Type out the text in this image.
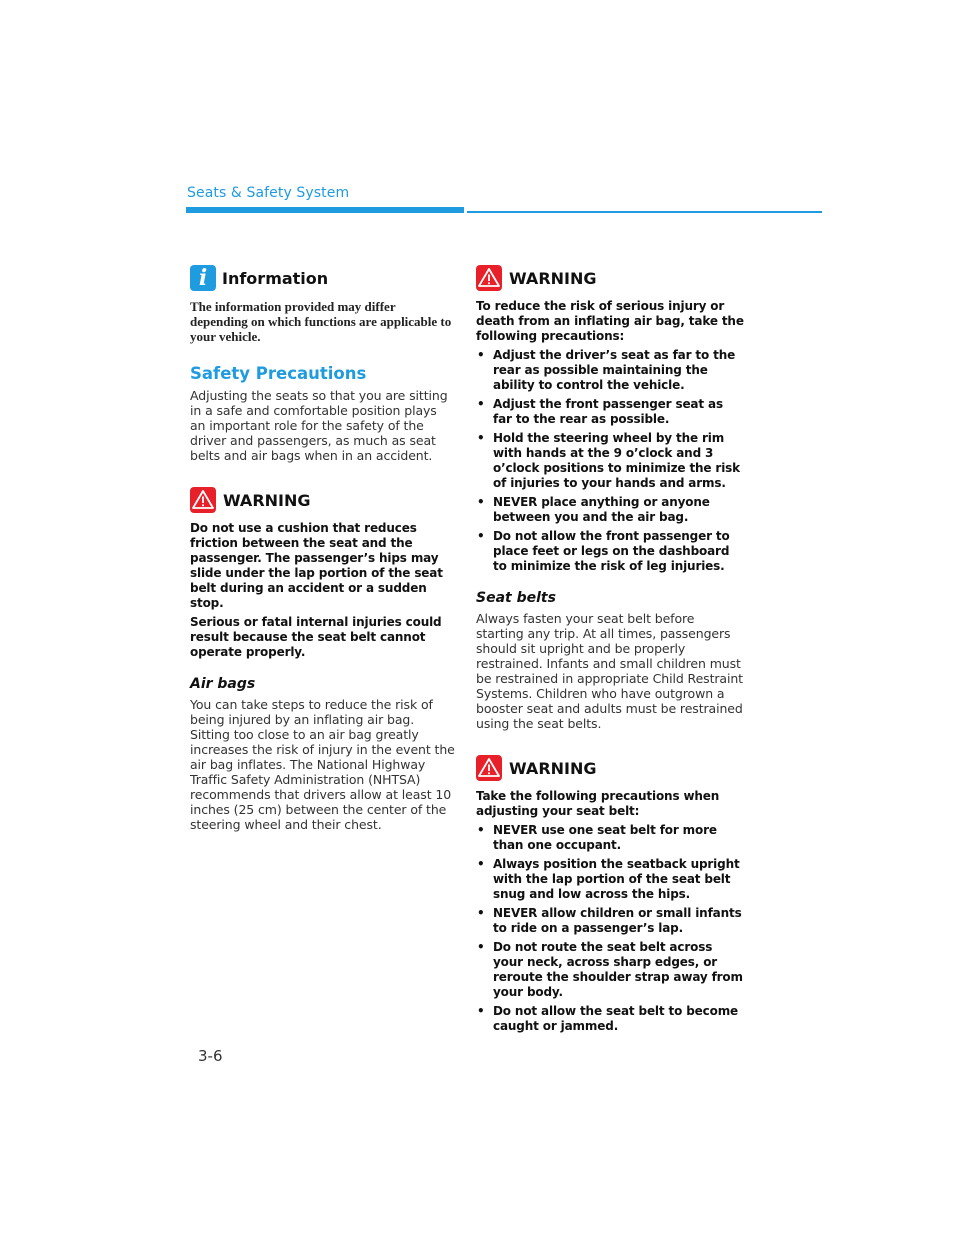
Seats & Safety System
i Information
The information provided may differ depending on which functions are applicable to your vehicle.
Safety Precautions
Adjusting the seats so that you are sitting in a safe and comfortable position plays an important role for the safety of the driver and passengers, as much as seat belts and air bags when in an accident.
WARNING
Do not use a cushion that reduces friction between the seat and the passenger. The passenger’s hips may slide under the lap portion of the seat belt during an accident or a sudden stop.
Serious or fatal internal injuries could result because the seat belt cannot operate properly.
Air bags
You can take steps to reduce the risk of being injured by an inflating air bag. Sitting too close to an air bag greatly increases the risk of injury in the event the air bag inflates. The National Highway Traffic Safety Administration (NHTSA) recommends that drivers allow at least 10 inches (25 cm) between the center of the steering wheel and their chest.
WARNING
To reduce the risk of serious injury or death from an inflating air bag, take the following precautions:
• Adjust the driver’s seat as far to the rear as possible maintaining the ability to control the vehicle.
• Adjust the front passenger seat as far to the rear as possible.
• Hold the steering wheel by the rim with hands at the 9 o’clock and 3 o’clock positions to minimize the risk of injuries to your hands and arms.
• NEVER place anything or anyone between you and the air bag.
• Do not allow the front passenger to place feet or legs on the dashboard to minimize the risk of leg injuries.
Seat belts
Always fasten your seat belt before starting any trip. At all times, passengers should sit upright and be properly restrained. Infants and small children must be restrained in appropriate Child Restraint Systems. Children who have outgrown a booster seat and adults must be restrained using the seat belts.
WARNING
Take the following precautions when adjusting your seat belt:
• NEVER use one seat belt for more than one occupant.
• Always position the seatback upright with the lap portion of the seat belt snug and low across the hips.
• NEVER allow children or small infants to ride on a passenger’s lap.
• Do not route the seat belt across your neck, across sharp edges, or reroute the shoulder strap away from your body.
• Do not allow the seat belt to become caught or jammed.
3-6
